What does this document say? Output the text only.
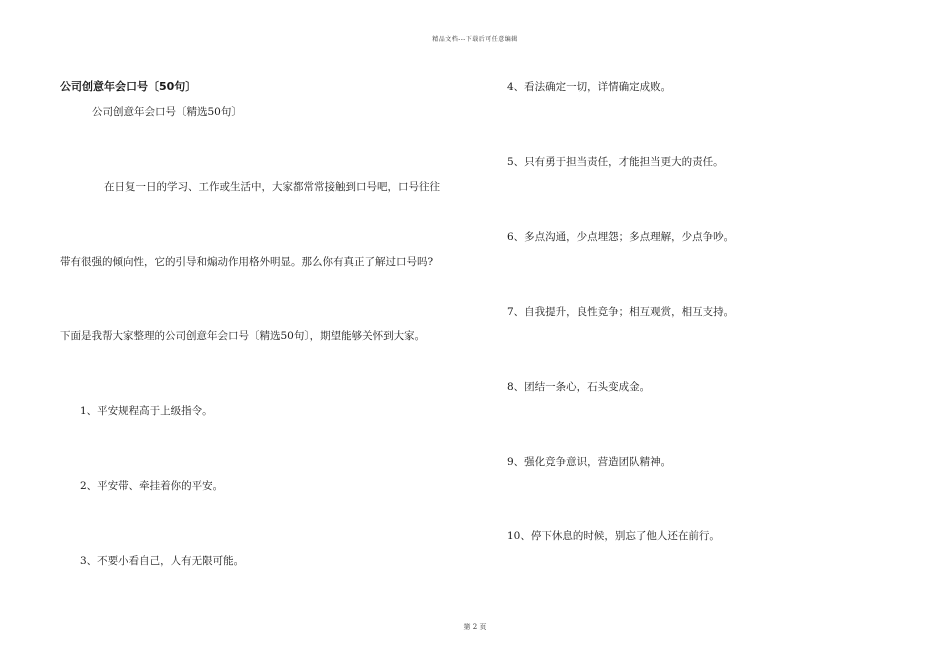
精品文档---下载后可任意编辑
公司创意年会口号〔50句〕
公司创意年会口号〔精选50句〕
在日复一日的学习、工作或生活中，大家都常常接触到口号吧，口号往往
带有很强的倾向性，它的引导和煽动作用格外明显。那么你有真正了解过口号吗?
下面是我帮大家整理的公司创意年会口号〔精选50句〕，期望能够关怀到大家。
1、平安规程高于上级指令。
2、平安带、牵挂着你的平安。
3、不要小看自己，人有无限可能。
4、看法确定一切，详情确定成败。
5、只有勇于担当责任，才能担当更大的责任。
6、多点沟通，少点埋怨；多点理解，少点争吵。
7、自我提升，良性竞争；相互观赏，相互支持。
8、团结一条心，石头变成金。
9、强化竞争意识，营造团队精神。
10、停下休息的时候，别忘了他人还在前行。
第 2 页
